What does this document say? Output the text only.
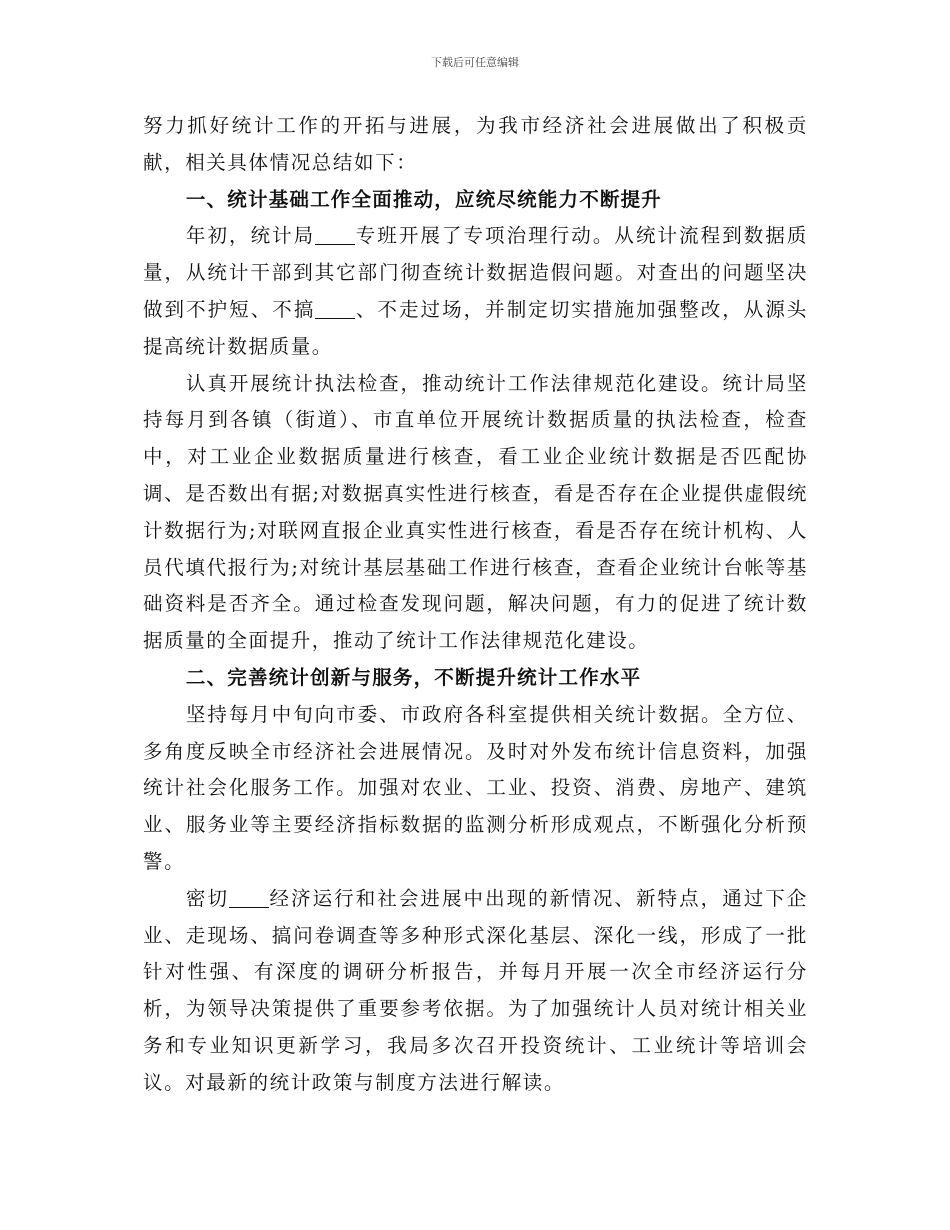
下载后可任意编辑

努力抓好统计工作的开拓与进展，为我市经济社会进展做出了积极贡献，相关具体情况总结如下：

一、统计基础工作全面推动，应统尽统能力不断提升

年初，统计局 专班开展了专项治理行动。从统计流程到数据质量，从统计干部到其它部门彻查统计数据造假问题。对查出的问题坚决做到不护短、不搞 、不走过场，并制定切实措施加强整改，从源头提高统计数据质量。

认真开展统计执法检查，推动统计工作法律规范化建设。统计局坚持每月到各镇（街道）、市直单位开展统计数据质量的执法检查，检查中，对工业企业数据质量进行核查，看工业企业统计数据是否匹配协调、是否数出有据;对数据真实性进行核查，看是否存在企业提供虚假统计数据行为;对联网直报企业真实性进行核查，看是否存在统计机构、人员代填代报行为;对统计基层基础工作进行核查，查看企业统计台帐等基础资料是否齐全。通过检查发现问题，解决问题，有力的促进了统计数据质量的全面提升，推动了统计工作法律规范化建设。

二、完善统计创新与服务，不断提升统计工作水平

坚持每月中旬向市委、市政府各科室提供相关统计数据。全方位、多角度反映全市经济社会进展情况。及时对外发布统计信息资料，加强统计社会化服务工作。加强对农业、工业、投资、消费、房地产、建筑业、服务业等主要经济指标数据的监测分析形成观点，不断强化分析预警。

密切 经济运行和社会进展中出现的新情况、新特点，通过下企业、走现场、搞问卷调查等多种形式深化基层、深化一线，形成了一批针对性强、有深度的调研分析报告，并每月开展一次全市经济运行分析，为领导决策提供了重要参考依据。为了加强统计人员对统计相关业务和专业知识更新学习，我局多次召开投资统计、工业统计等培训会议。对最新的统计政策与制度方法进行解读。
